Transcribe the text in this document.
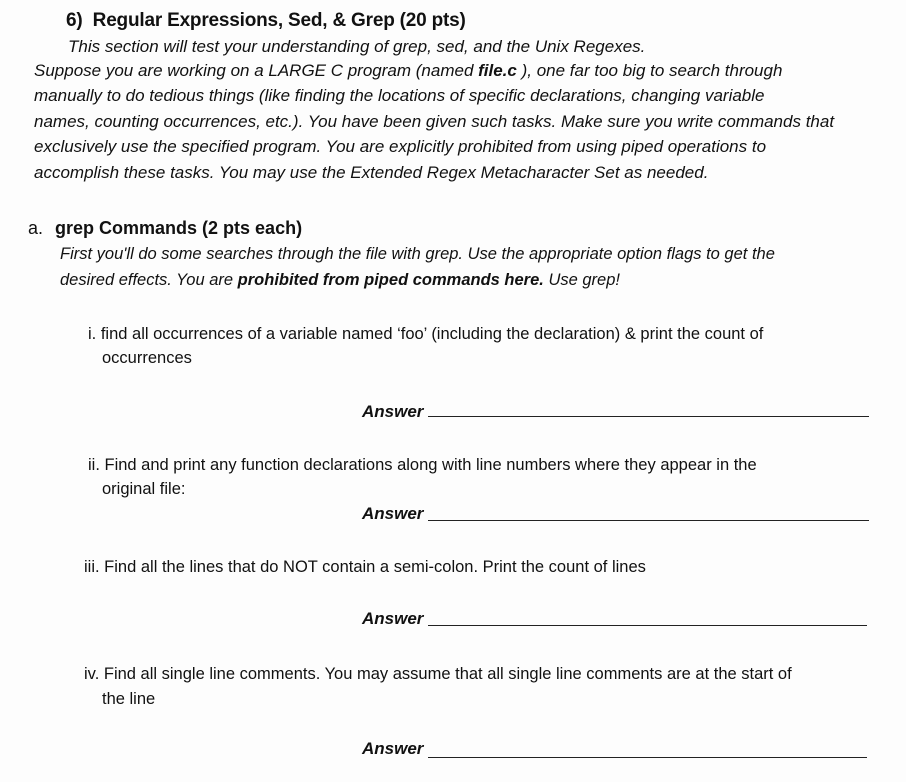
6) Regular Expressions, Sed, & Grep (20 pts)
This section will test your understanding of grep, sed, and the Unix Regexes.
Suppose you are working on a LARGE C program (named file.c ), one far too big to search through
manually to do tedious things (like finding the locations of specific declarations, changing variable
names, counting occurrences, etc.). You have been given such tasks. Make sure you write commands that
exclusively use the specified program. You are explicitly prohibited from using piped operations to
accomplish these tasks. You may use the Extended Regex Metacharacter Set as needed.
a. grep Commands (2 pts each)
First you'll do some searches through the file with grep. Use the appropriate option flags to get the
desired effects. You are prohibited from piped commands here. Use grep!
i. find all occurrences of a variable named ‘foo’ (including the declaration) & print the count of
occurrences
Answer
ii. Find and print any function declarations along with line numbers where they appear in the
original file:
Answer
iii. Find all the lines that do NOT contain a semi-colon. Print the count of lines
Answer
iv. Find all single line comments. You may assume that all single line comments are at the start of
the line
Answer
